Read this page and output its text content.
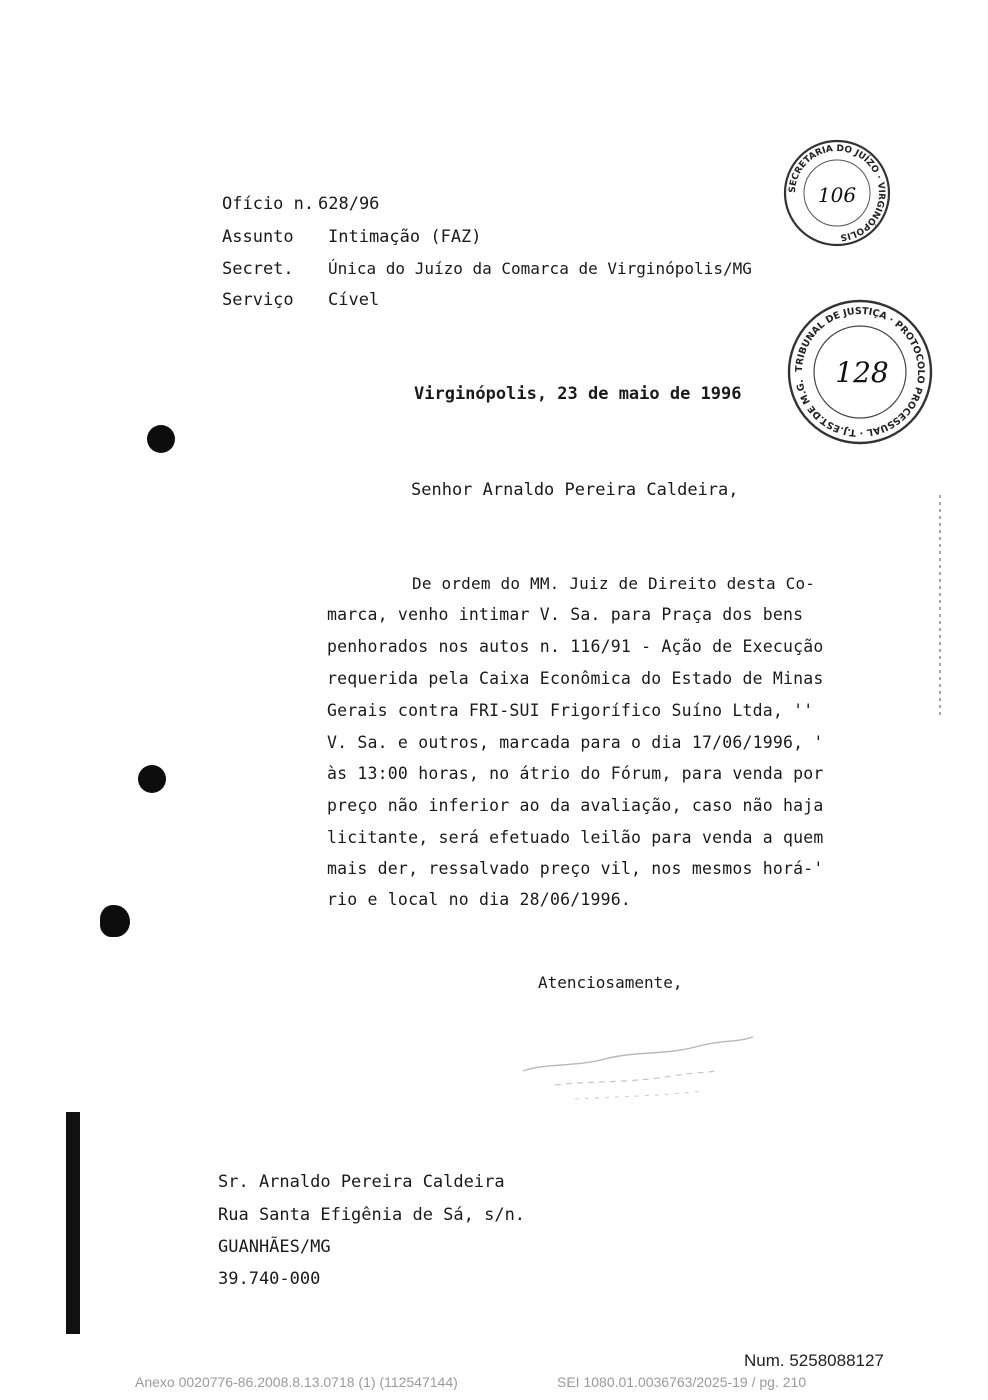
Ofício n. 628/96
Assunto Intimação (FAZ)
Secret. Única do Juízo da Comarca de Virginópolis/MG
Serviço Cível
Virginópolis, 23 de maio de 1996
Senhor Arnaldo Pereira Caldeira,
De ordem do MM. Juiz de Direito desta Co-
marca, venho intimar V. Sa. para Praça dos bens
penhorados nos autos n. 116/91 - Ação de Execução
requerida pela Caixa Econômica do Estado de Minas
Gerais contra FRI-SUI Frigorífico Suíno Ltda, ''
V. Sa. e outros, marcada para o dia 17/06/1996, '
às 13:00 horas, no átrio do Fórum, para venda por
preço não inferior ao da avaliação, caso não haja
licitante, será efetuado leilão para venda a quem
mais der, ressalvado preço vil, nos mesmos horá-'
rio e local no dia 28/06/1996.
Atenciosamente,
Sr. Arnaldo Pereira Caldeira
Rua Santa Efigênia de Sá, s/n.
GUANHÃES/MG
39.740-000
SECRETARIA DO JUÍZO · VIRGINÓPOLIS
106
TRIBUNAL DE JUSTIÇA · PROTOCOLO PROCESSUAL · T.J.EST.DE M.G.	128
Num. 5258088127
Anexo 0020776-86.2008.8.13.0718 (1) (112547144)	SEI 1080.01.0036763/2025-19 / pg. 210
